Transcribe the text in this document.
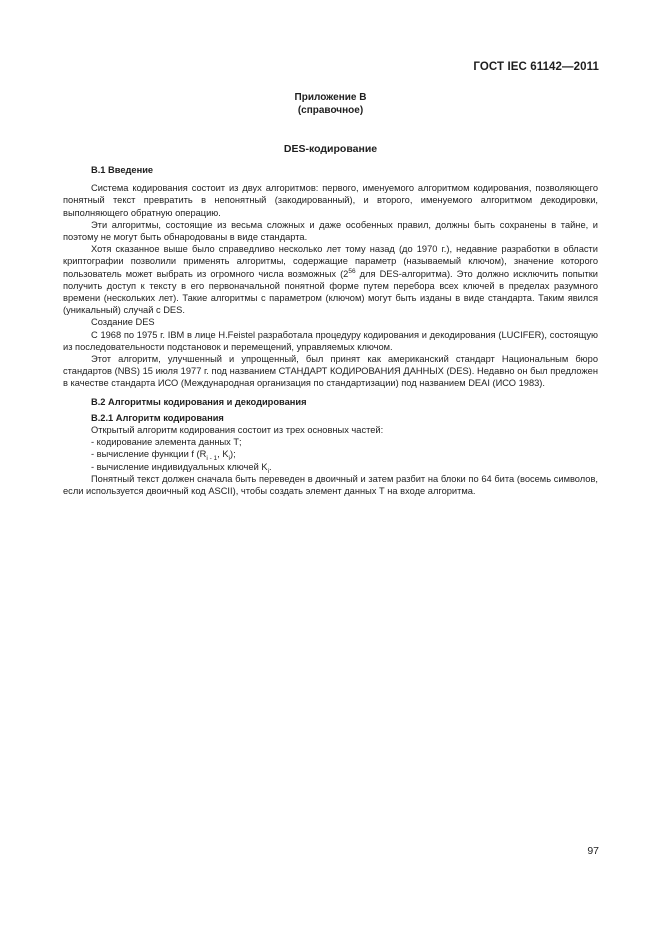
ГОСТ IEC 61142—2011
Приложение В
(справочное)
DES-кодирование
В.1 Введение

Система кодирования состоит из двух алгоритмов: первого, именуемого алгоритмом кодирования, позволяющего понятный текст превратить в непонятный (закодированный), и второго, именуемого алгоритмом декодировки, выполняющего обратную операцию.

Эти алгоритмы, состоящие из весьма сложных и даже особенных правил, должны быть сохранены в тайне, и поэтому не могут быть обнародованы в виде стандарта.

Хотя сказанное выше было справедливо несколько лет тому назад (до 1970 г.), недавние разработки в области криптографии позволили применять алгоритмы, содержащие параметр (называемый ключом), значение которого пользователь может выбрать из огромного числа возможных ($2^{56}$ для DES-алгоритма). Это должно исключить попытки получить доступ к тексту в его первоначальной понятной форме путем перебора всех ключей в пределах разумного времени (нескольких лет). Такие алгоритмы с параметром (ключом) могут быть изданы в виде стандарта. Таким явился (уникальный) случай с DES.

Создание DES

С 1968 по 1975 г. IBM в лице H.Feistel разработала процедуру кодирования и декодирования (LUCIFER), состоящую из последовательности подстановок и перемещений, управляемых ключом.

Этот алгоритм, улучшенный и упрощенный, был принят как американский стандарт Национальным бюро стандартов (NBS) 15 июля 1977 г. под названием СТАНДАРТ КОДИРОВАНИЯ ДАННЫХ (DES). Недавно он был предложен в качестве стандарта ИСО (Международная организация по стандартизации) под названием DEAI (ИСО 1983).

В.2 Алгоритмы кодирования и декодирования
В.2.1 Алгоритм кодирования

Открытый алгоритм кодирования состоит из трех основных частей:

- кодирование элемента данных Т;
- вычисление функции f ($R_{i - 1}$, $K_i$);
- вычисление индивидуальных ключей $K_i$.

Понятный текст должен сначала быть переведен в двоичный и затем разбит на блоки по 64 бита (восемь символов, если используется двоичный код ASCII), чтобы создать элемент данных Т на входе алгоритма.

97
